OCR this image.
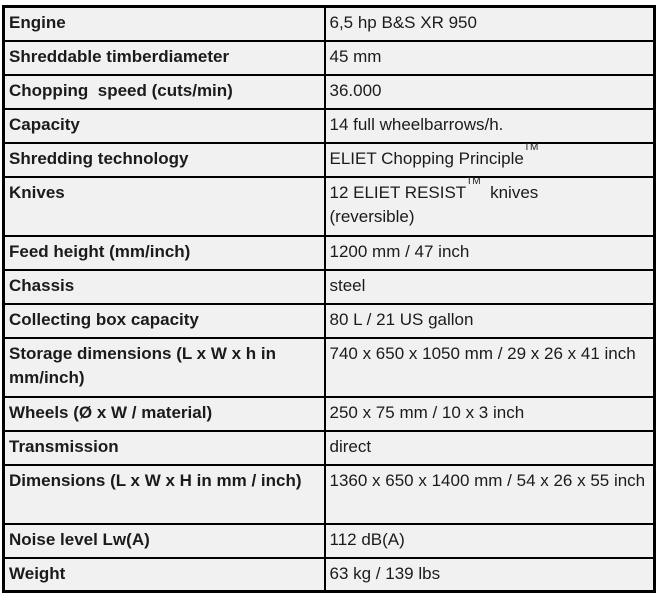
Engine	6,5 hp B&S XR 950
Shreddable timberdiameter	45 mm
Chopping  speed (cuts/min)	36.000
Capacity	14 full wheelbarrows/h.
Shredding technology	ELIET Chopping Principle™
Knives	12 ELIET RESIST™  knives
(reversible)

Feed height (mm/inch)	1200 mm / 47 inch
Chassis	steel
Collecting box capacity	80 L / 21 US gallon
Storage dimensions (L x W x h in mm/inch)	740 x 650 x 1050 mm / 29 x 26 x 41 inch
Wheels (Ø x W / material)	250 x 75 mm / 10 x 3 inch
Transmission	direct
Dimensions (L x W x H in mm / inch)	1360 x 650 x 1400 mm / 54 x 26 x 55 inch
Noise level Lw(A)	112 dB(A)
Weight	63 kg / 139 lbs
